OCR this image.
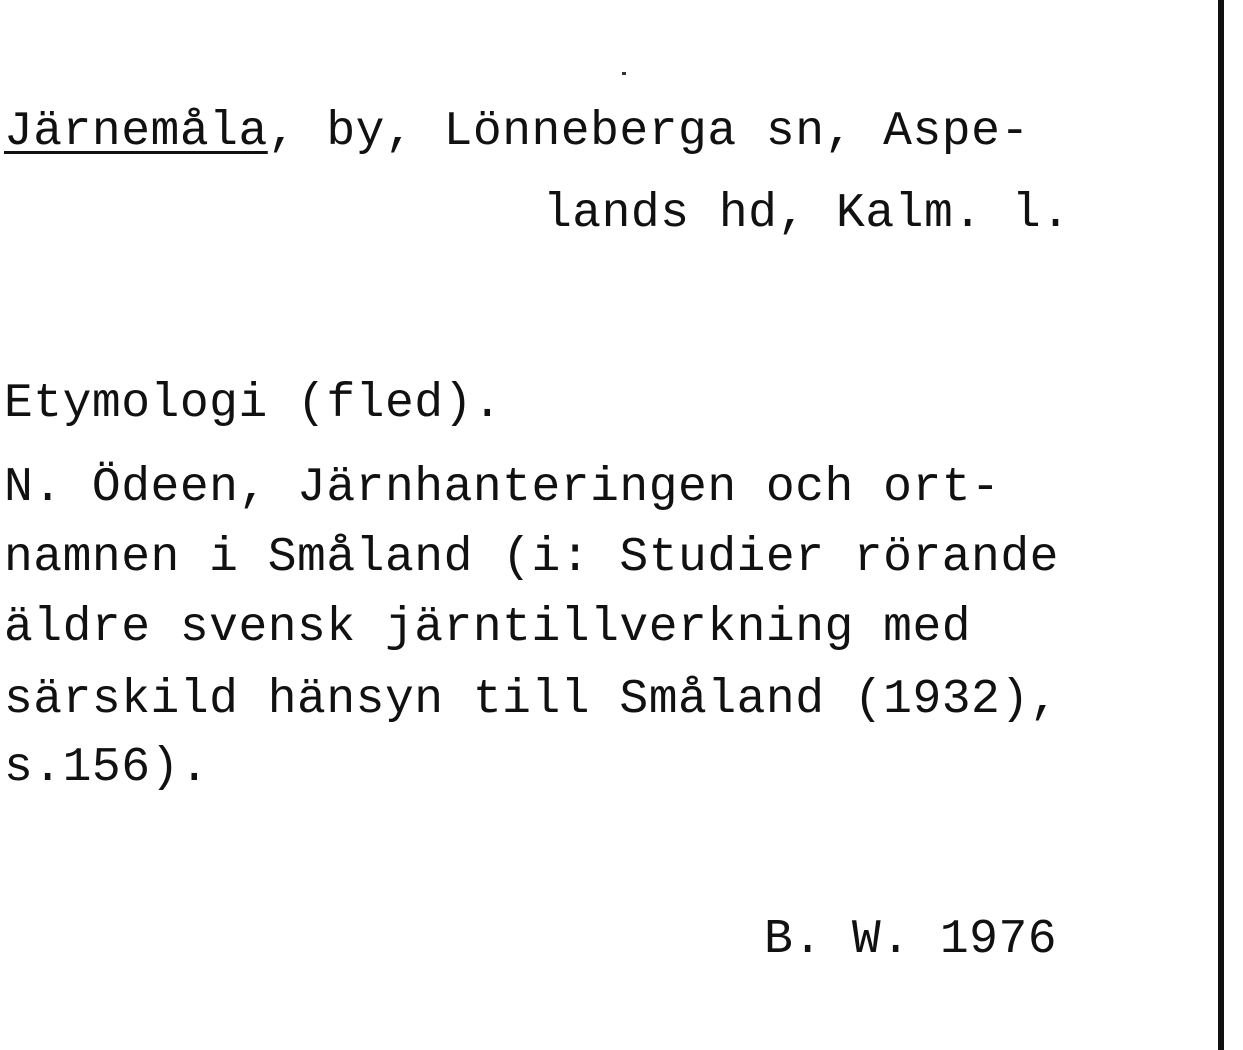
Järnemåla, by, Lönneberga sn, Aspe-
lands hd, Kalm. l.
Etymologi (fled).
N. Ödeen, Järnhanteringen och ort-
namnen i Småland (i: Studier rörande
äldre svensk järntillverkning med
särskild hänsyn till Småland (1932),
s.156).
B. W. 1976
